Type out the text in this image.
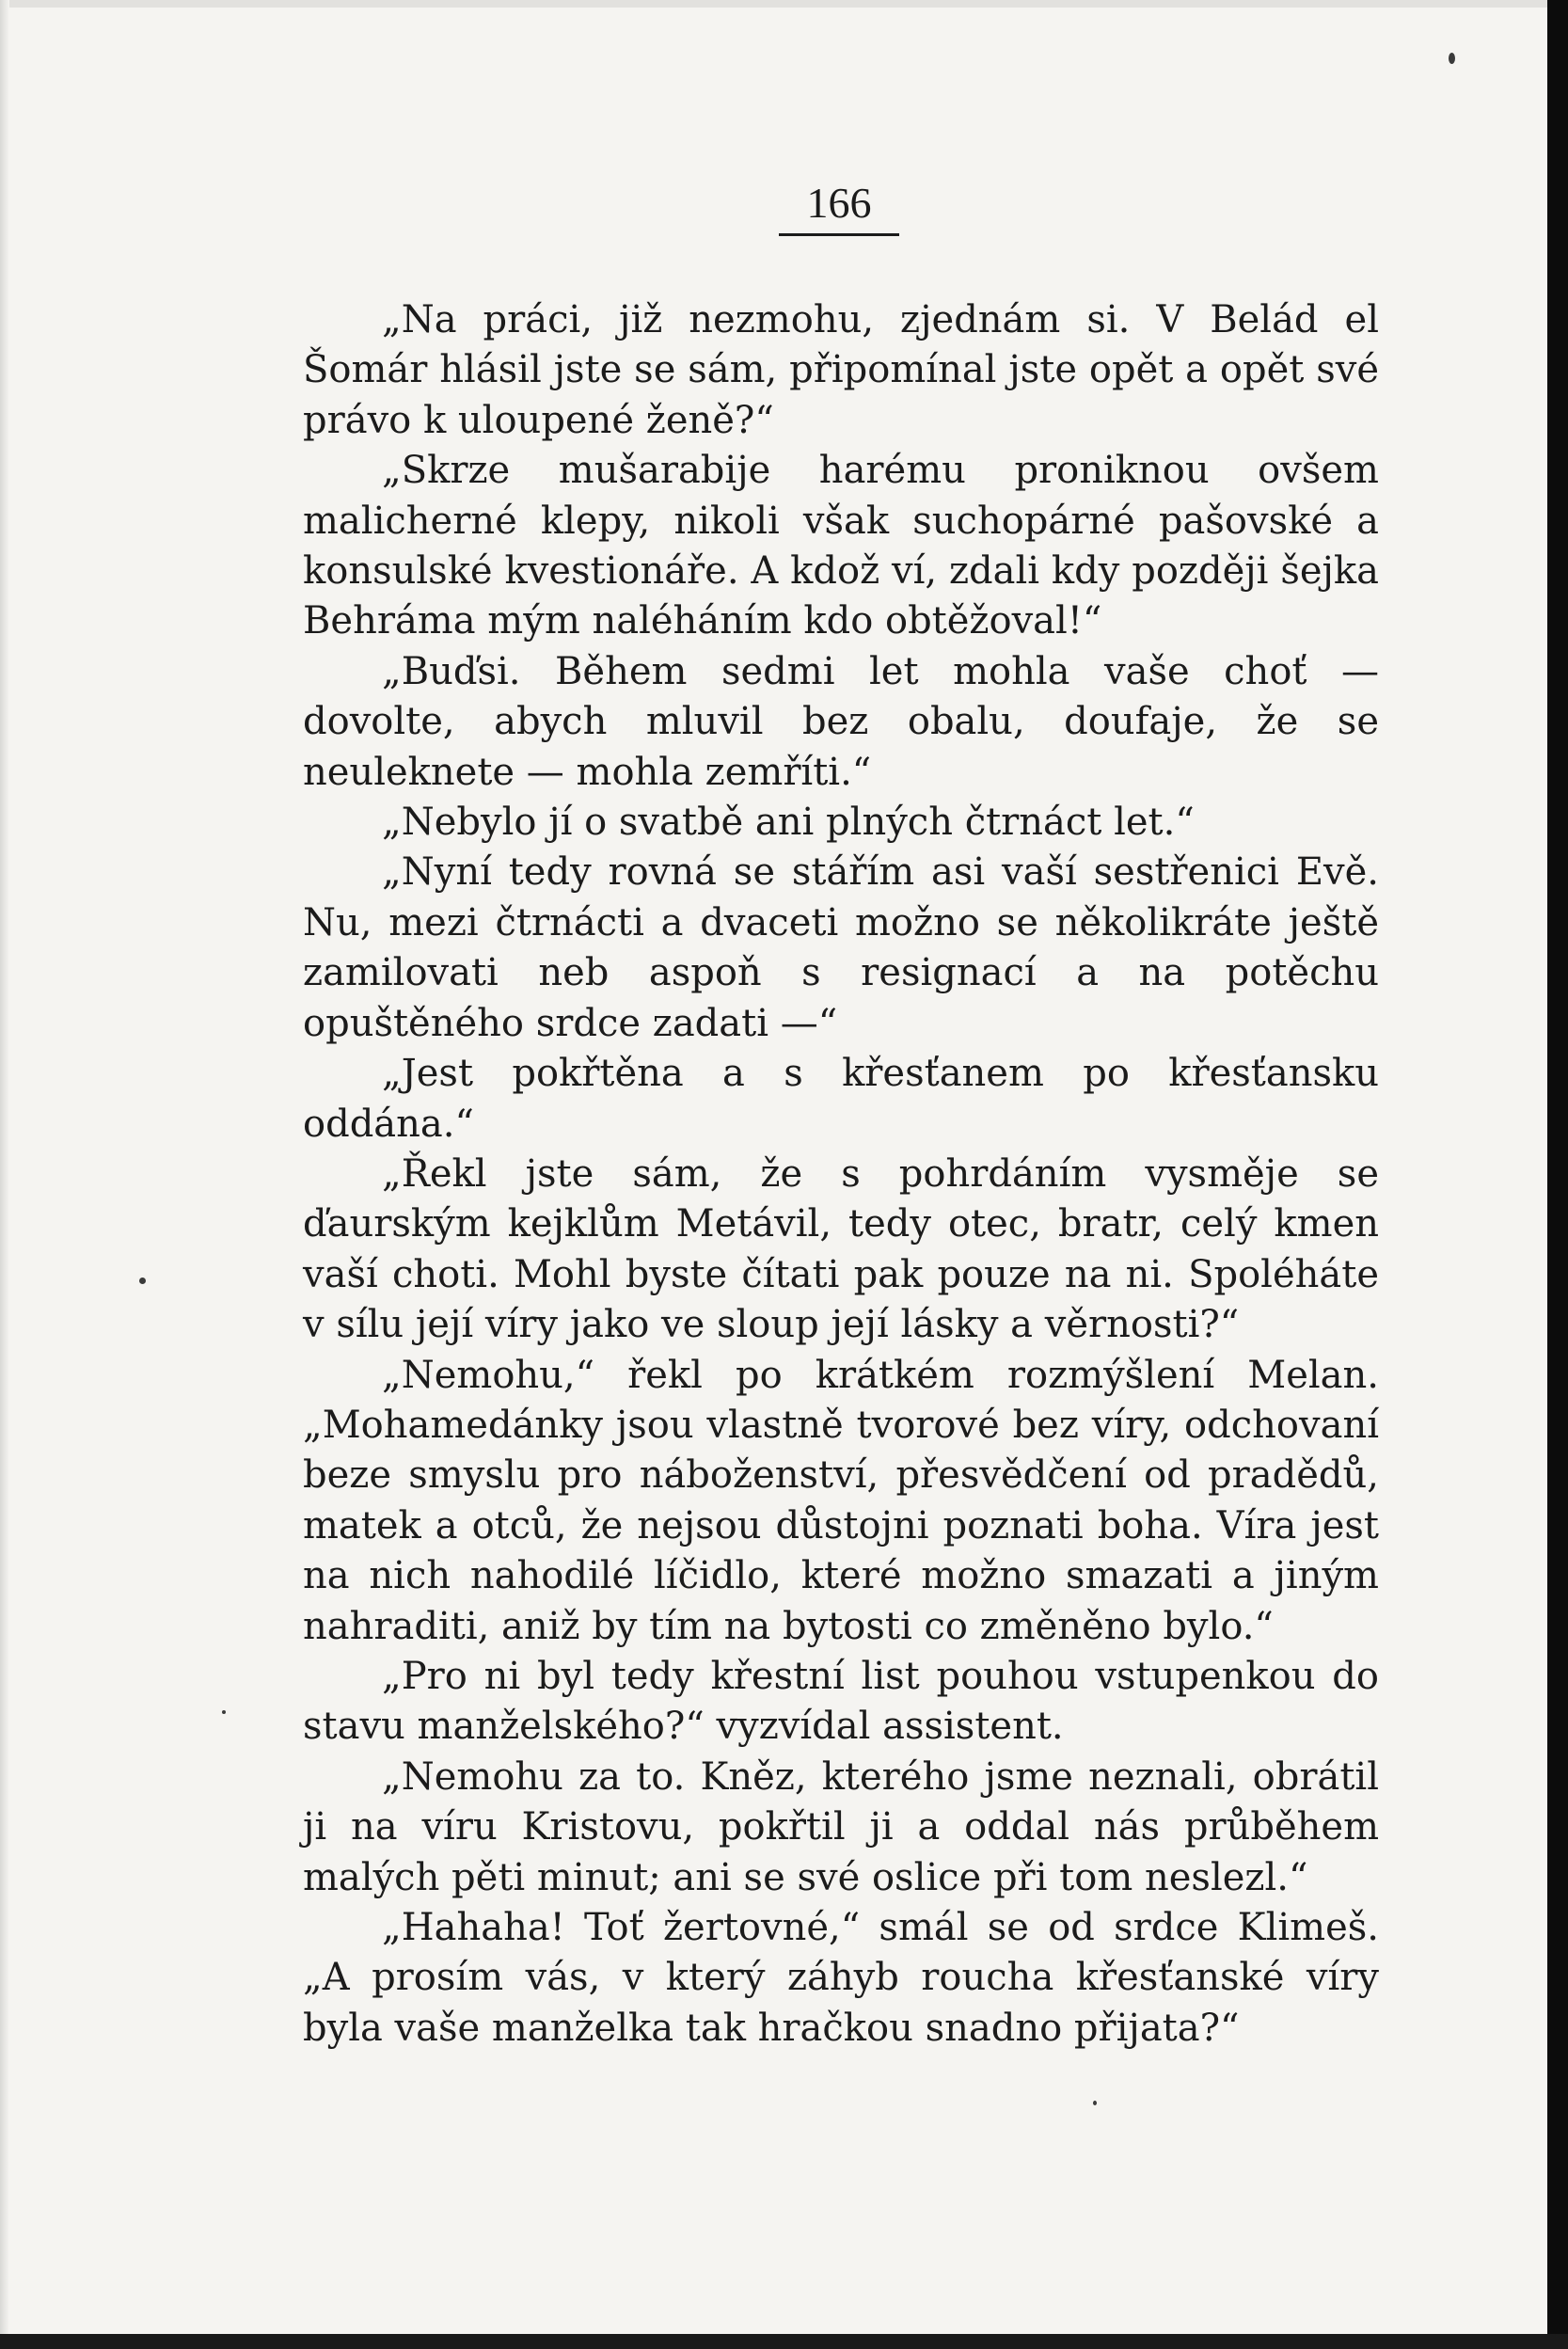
166

„Na práci, již nezmohu, zjednám si. V Belád el Šomár hlásil jste se sám, připomínal jste opět a opět své právo k uloupené ženě?“

„Skrze mušarabije harému proniknou ovšem malicherné klepy, nikoli však suchopárné pašovské a konsulské kvestionáře. A kdož ví, zdali kdy později šejka Behráma mým naléháním kdo obtěžoval!“

„Buďsi. Během sedmi let mohla vaše choť — dovolte, abych mluvil bez obalu, doufaje, že se neuleknete — mohla zemříti.“

„Nebylo jí o svatbě ani plných čtrnáct let.“

„Nyní tedy rovná se stářím asi vaší sestřenici Evě. Nu, mezi čtrnácti a dvaceti možno se několikráte ještě zamilovati neb aspoň s resignací a na potěchu opuštěného srdce zadati —“

„Jest pokřtěna a s křesťanem po křesťansku oddána.“

„Řekl jste sám, že s pohrdáním vysměje se ďaurským kejklům Metávil, tedy otec, bratr, celý kmen vaší choti. Mohl byste čítati pak pouze na ni. Spoléháte v sílu její víry jako ve sloup její lásky a věrnosti?“

„Nemohu,“ řekl po krátkém rozmýšlení Melan. „Mohamedánky jsou vlastně tvorové bez víry, odchovaní beze smyslu pro náboženství, přesvědčení od pradědů, matek a otců, že nejsou důstojni poznati boha. Víra jest na nich nahodilé líčidlo, které možno smazati a jiným nahraditi, aniž by tím na bytosti co změněno bylo.“

„Pro ni byl tedy křestní list pouhou vstupenkou do stavu manželského?“ vyzvídal assistent.

„Nemohu za to. Kněz, kterého jsme neznali, obrátil ji na víru Kristovu, pokřtil ji a oddal nás průběhem malých pěti minut; ani se své oslice při tom neslezl.“

„Hahaha! Toť žertovné,“ smál se od srdce Klimeš. „A prosím vás, v který záhyb roucha křesťanské víry byla vaše manželka tak hračkou snadno přijata?“
